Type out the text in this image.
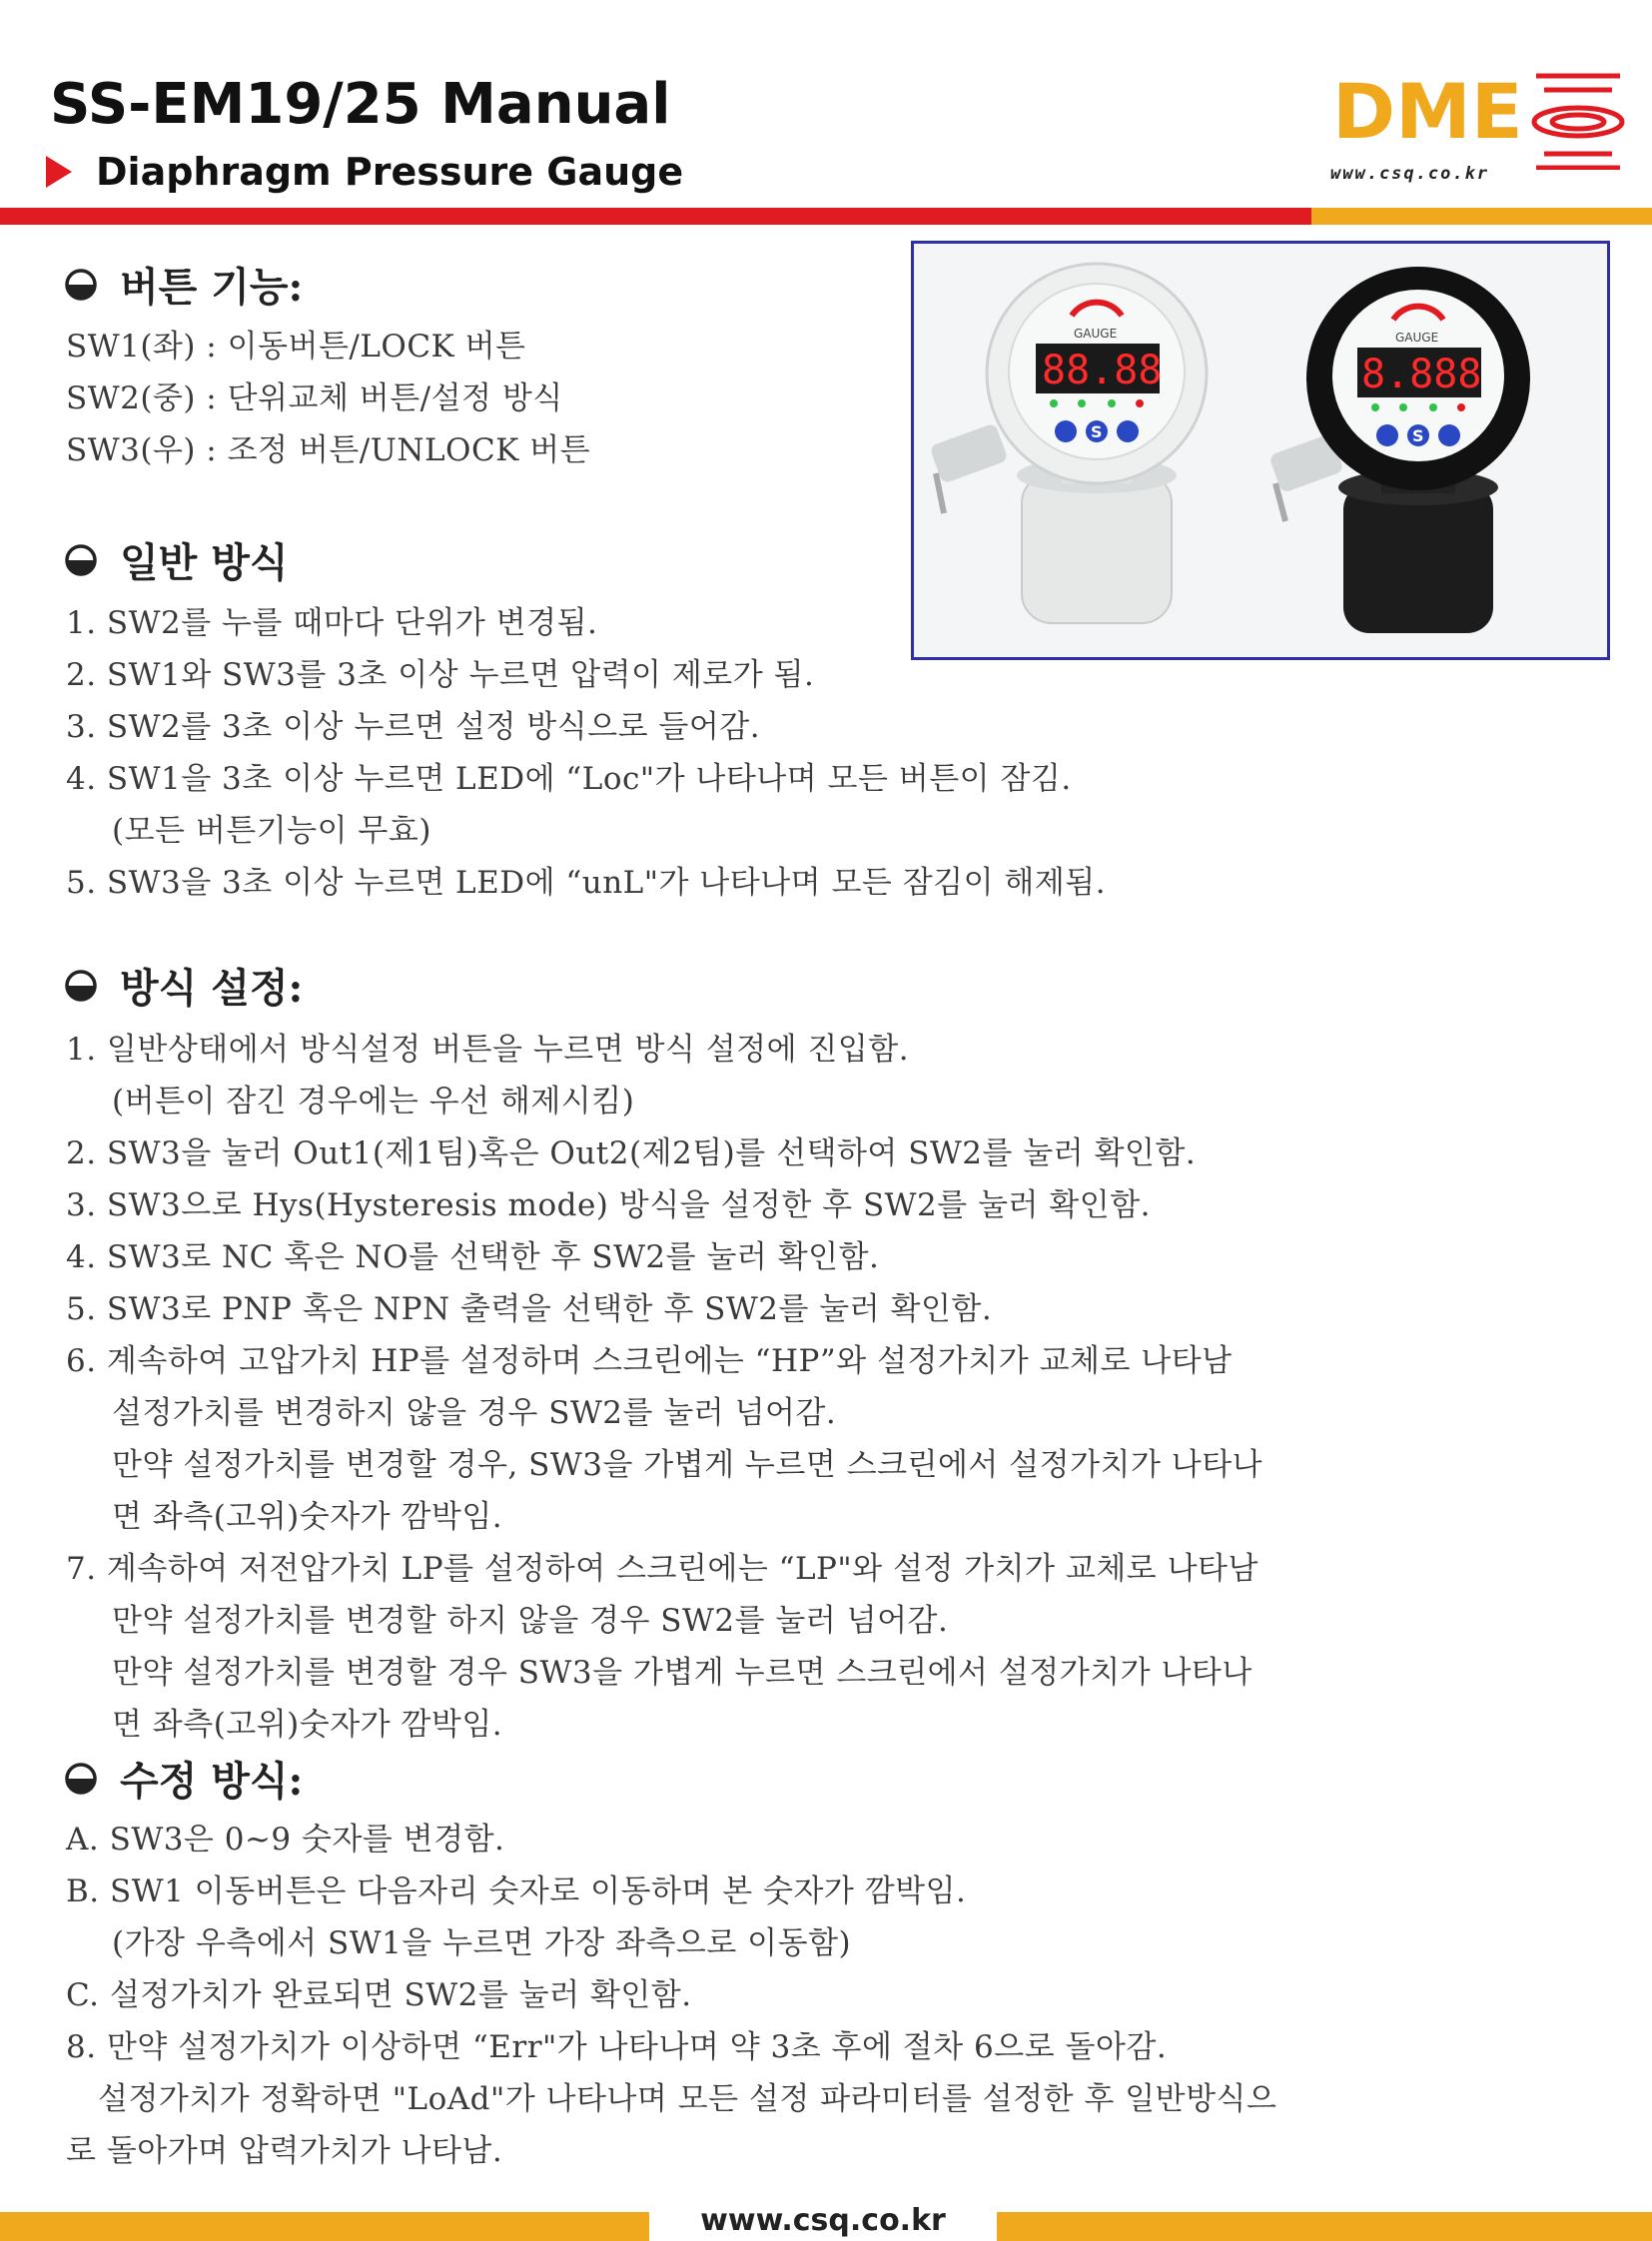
SS-EM19/25 Manual
Diaphragm Pressure Gauge
DME
www.csq.co.kr
GAUGE
88.88
S
GAUGE
8.888
S
버튼 기능:
SW1(좌) : 이동버튼/LOCK 버튼
SW2(중) : 단위교체 버튼/설정 방식
SW3(우) : 조정 버튼/UNLOCK 버튼
일반 방식
1. SW2를 누를 때마다 단위가 변경됨.
2. SW1와 SW3를 3초 이상 누르면 압력이 제로가 됨.
3. SW2를 3초 이상 누르면 설정 방식으로 들어감.
4. SW1을 3초 이상 누르면 LED에 “Loc"가 나타나며 모든 버튼이 잠김.
(모든 버튼기능이 무효)
5. SW3을 3초 이상 누르면 LED에 “unL"가 나타나며 모든 잠김이 해제됨.
방식 설정:
1. 일반상태에서 방식설정 버튼을 누르면 방식 설정에 진입함.
(버튼이 잠긴 경우에는 우선 해제시킴)
2. SW3을 눌러 Out1(제1팀)혹은 Out2(제2팀)를 선택하여 SW2를 눌러 확인함.
3. SW3으로 Hys(Hysteresis mode) 방식을 설정한 후 SW2를 눌러 확인함.
4. SW3로 NC 혹은 NO를 선택한 후 SW2를 눌러 확인함.
5. SW3로 PNP 혹은 NPN 출력을 선택한 후 SW2를 눌러 확인함.
6. 계속하여 고압가치 HP를 설정하며 스크린에는 “HP”와 설정가치가 교체로 나타남
설정가치를 변경하지 않을 경우 SW2를 눌러 넘어감.
만약 설정가치를 변경할 경우, SW3을 가볍게 누르면 스크린에서 설정가치가 나타나
면 좌측(고위)숫자가 깜박임.
7. 계속하여 저전압가치 LP를 설정하여 스크린에는 “LP"와 설정 가치가 교체로 나타남
만약 설정가치를 변경할 하지 않을 경우 SW2를 눌러 넘어감.
만약 설정가치를 변경할 경우 SW3을 가볍게 누르면 스크린에서 설정가치가 나타나
면 좌측(고위)숫자가 깜박임.
수정 방식:
A. SW3은 0~9 숫자를 변경함.
B. SW1 이동버튼은 다음자리 숫자로 이동하며 본 숫자가 깜박임.
(가장 우측에서 SW1을 누르면 가장 좌측으로 이동함)
C. 설정가치가 완료되면 SW2를 눌러 확인함.
8. 만약 설정가치가 이상하면 “Err"가 나타나며 약 3초 후에 절차 6으로 돌아감.
설정가치가 정확하면 "LoAd"가 나타나며 모든 설정 파라미터를 설정한 후 일반방식으
로 돌아가며 압력가치가 나타남.
www.csq.co.kr
